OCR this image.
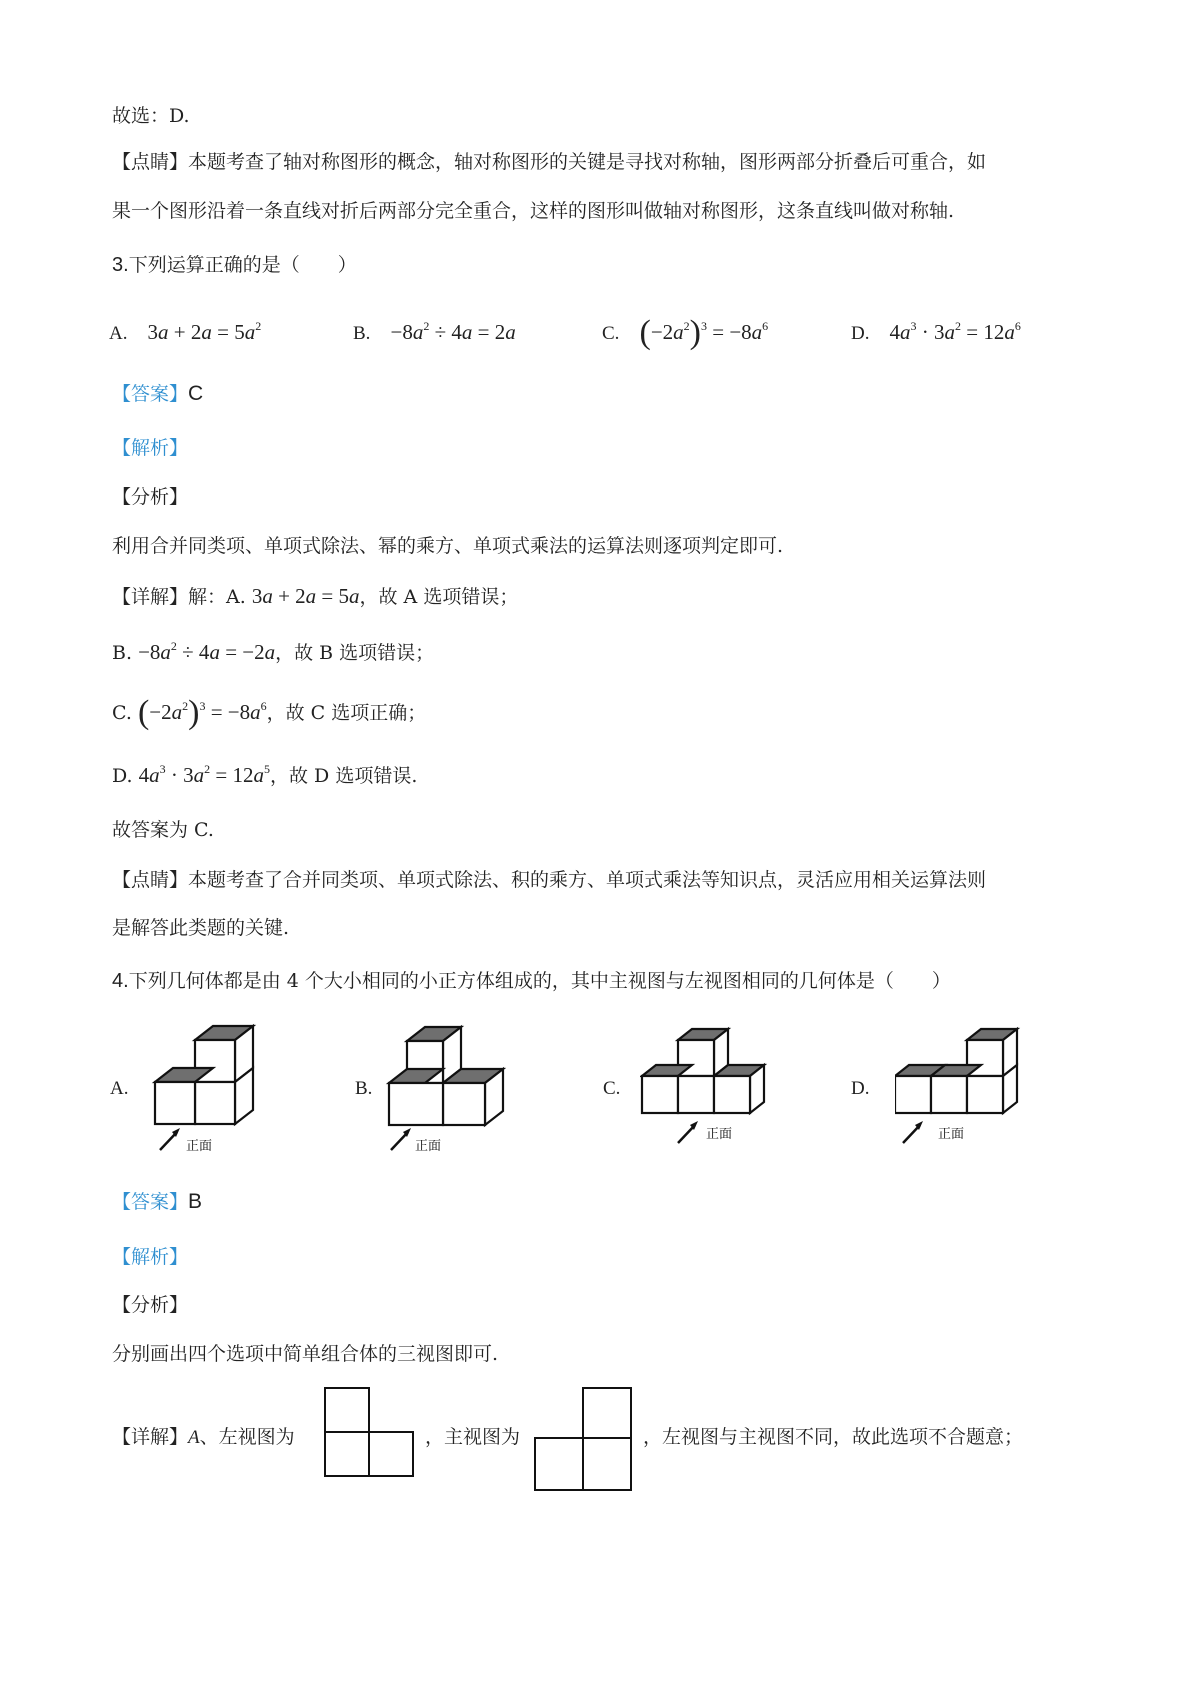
故选：D.
【点睛】本题考查了轴对称图形的概念，轴对称图形的关键是寻找对称轴，图形两部分折叠后可重合，如
果一个图形沿着一条直线对折后两部分完全重合，这样的图形叫做轴对称图形，这条直线叫做对称轴.
3.下列运算正确的是（　　）
A. $3a + 2a = 5a^2$	B. $-8a^2 \div 4a = 2a$	C. $(-2a^2)^3 = -8a^6$	D. $4a^3 \cdot 3a^2 = 12a^6$
【答案】C
【解析】
【分析】
利用合并同类项、单项式除法、幂的乘方、单项式乘法的运算法则逐项判定即可.
【详解】解：A. 3a + 2a = 5a，故 A 选项错误；
B. $-8a^2 \div 4a = -2a$，故 B 选项错误；
C. $(-2a^2)^3 = -8a^6$，故 C 选项正确；
D. $4a^3 \cdot 3a^2 = 12a^5$，故 D 选项错误.
故答案为 C.
【点睛】本题考查了合并同类项、单项式除法、积的乘方、单项式乘法等知识点，灵活应用相关运算法则
是解答此类题的关键.
4.下列几何体都是由 4 个大小相同的小正方体组成的，其中主视图与左视图相同的几何体是（　　）
A.
正面
B.
正面
C.
正面
D.
正面
【答案】B
【解析】
【分析】
分别画出四个选项中简单组合体的三视图即可.
【详解】A、左视图为	，主视图为	，左视图与主视图不同，故此选项不合题意；
